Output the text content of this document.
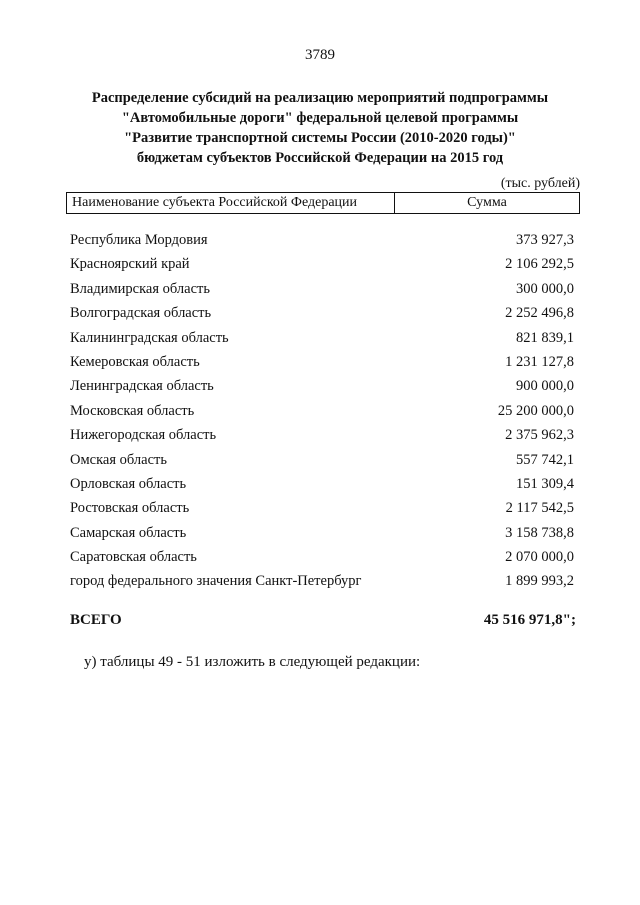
3789
Распределение субсидий на реализацию мероприятий подпрограммы
"Автомобильные дороги" федеральной целевой программы
"Развитие транспортной системы России (2010-2020 годы)"
бюджетам субъектов Российской Федерации на 2015 год
(тыс. рублей)
Наименование субъекта Российской Федерации	Сумма
Республика Мордовия	373 927,3
Красноярский край	2 106 292,5
Владимирская область	300 000,0
Волгоградская область	2 252 496,8
Калининградская область	821 839,1
Кемеровская область	1 231 127,8
Ленинградская область	900 000,0
Московская область	25 200 000,0
Нижегородская область	2 375 962,3
Омская область	557 742,1
Орловская область	151 309,4
Ростовская область	2 117 542,5
Самарская область	3 158 738,8
Саратовская область	2 070 000,0
город федерального значения Санкт-Петербург	1 899 993,2
ВСЕГО	45 516 971,8";
у) таблицы 49 - 51 изложить в следующей редакции:
